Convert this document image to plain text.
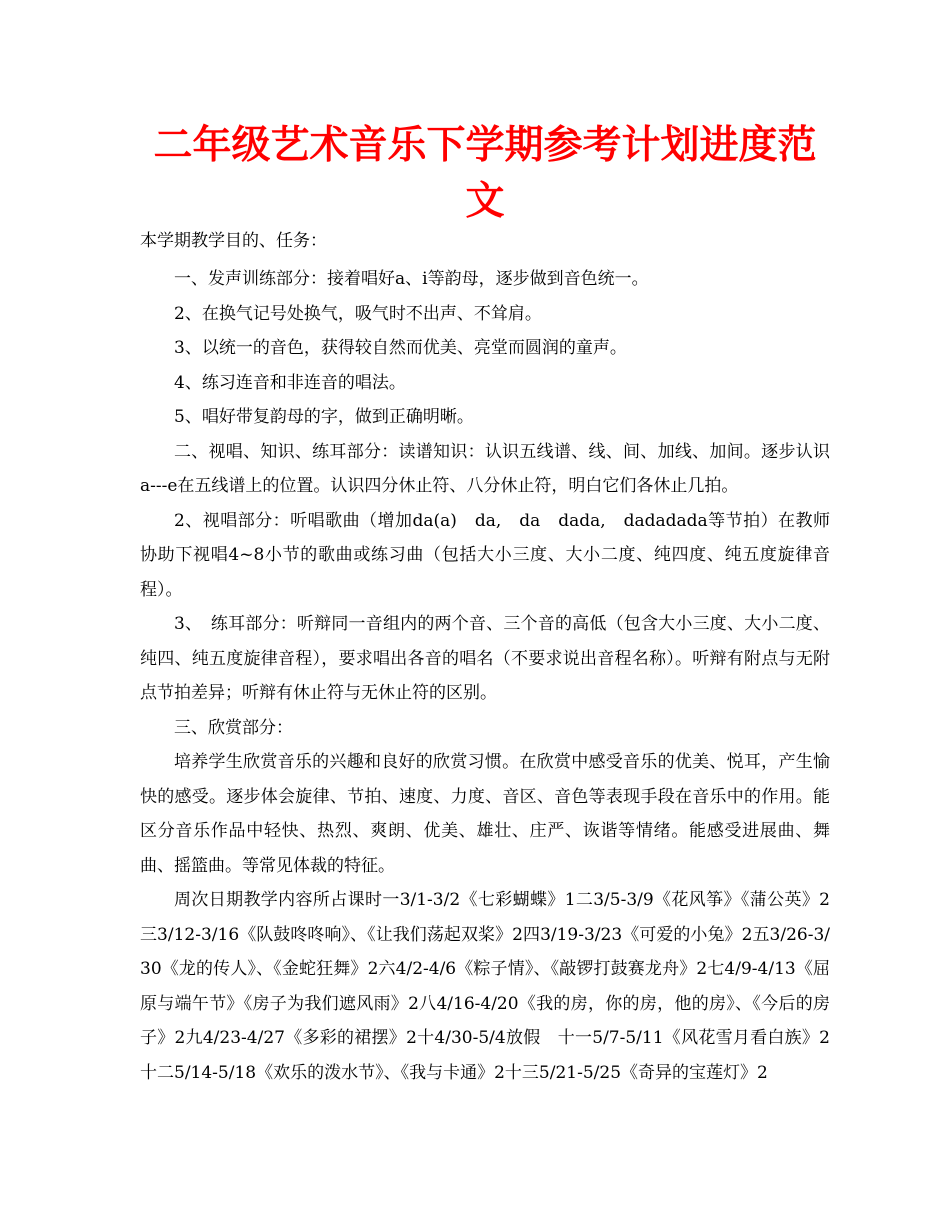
二年级艺术音乐下学期参考计划进度范文

本学期教学目的、任务：

一、发声训练部分：接着唱好a、i等韵母，逐步做到音色统一。

2、在换气记号处换气，吸气时不出声、不耸肩。

3、以统一的音色，获得较自然而优美、亮堂而圆润的童声。

4、练习连音和非连音的唱法。

5、唱好带复韵母的字，做到正确明晰。

二、视唱、知识、练耳部分：读谱知识：认识五线谱、线、间、加线、加间。逐步认识a---e在五线谱上的位置。认识四分休止符、八分休止符，明白它们各休止几拍。

2、视唱部分：听唱歌曲（增加da(a)　da,　da　dada,　dadadada等节拍）在教师协助下视唱4~8小节的歌曲或练习曲（包括大小三度、大小二度、纯四度、纯五度旋律音程）。

3、　练耳部分：听辩同一音组内的两个音、三个音的高低（包含大小三度、大小二度、纯四、纯五度旋律音程），要求唱出各音的唱名（不要求说出音程名称）。听辩有附点与无附点节拍差异；听辩有休止符与无休止符的区别。

三、欣赏部分：

培养学生欣赏音乐的兴趣和良好的欣赏习惯。在欣赏中感受音乐的优美、悦耳，产生愉快的感受。逐步体会旋律、节拍、速度、力度、音区、音色等表现手段在音乐中的作用。能区分音乐作品中轻快、热烈、爽朗、优美、雄壮、庄严、诙谐等情绪。能感受进展曲、舞曲、摇篮曲。等常见体裁的特征。

周次日期教学内容所占课时一3/1-3/2《七彩蝴蝶》1二3/5-3/9《花风筝》《蒲公英》2三3/12-3/16《队鼓咚咚响》、《让我们荡起双桨》2四3/19-3/23《可爱的小兔》2五3/26-3/30《龙的传人》、《金蛇狂舞》2六4/2-4/6《粽子情》、《敲锣打鼓赛龙舟》2七4/9-4/13《屈原与端午节》《房子为我们遮风雨》2八4/16-4/20《我的房，你的房，他的房》、《今后的房子》2九4/23-4/27《多彩的裙摆》2十4/30-5/4放假　十一5/7-5/11《风花雪月看白族》2十二5/14-5/18《欢乐的泼水节》、《我与卡通》2十三5/21-5/25《奇异的宝莲灯》2
